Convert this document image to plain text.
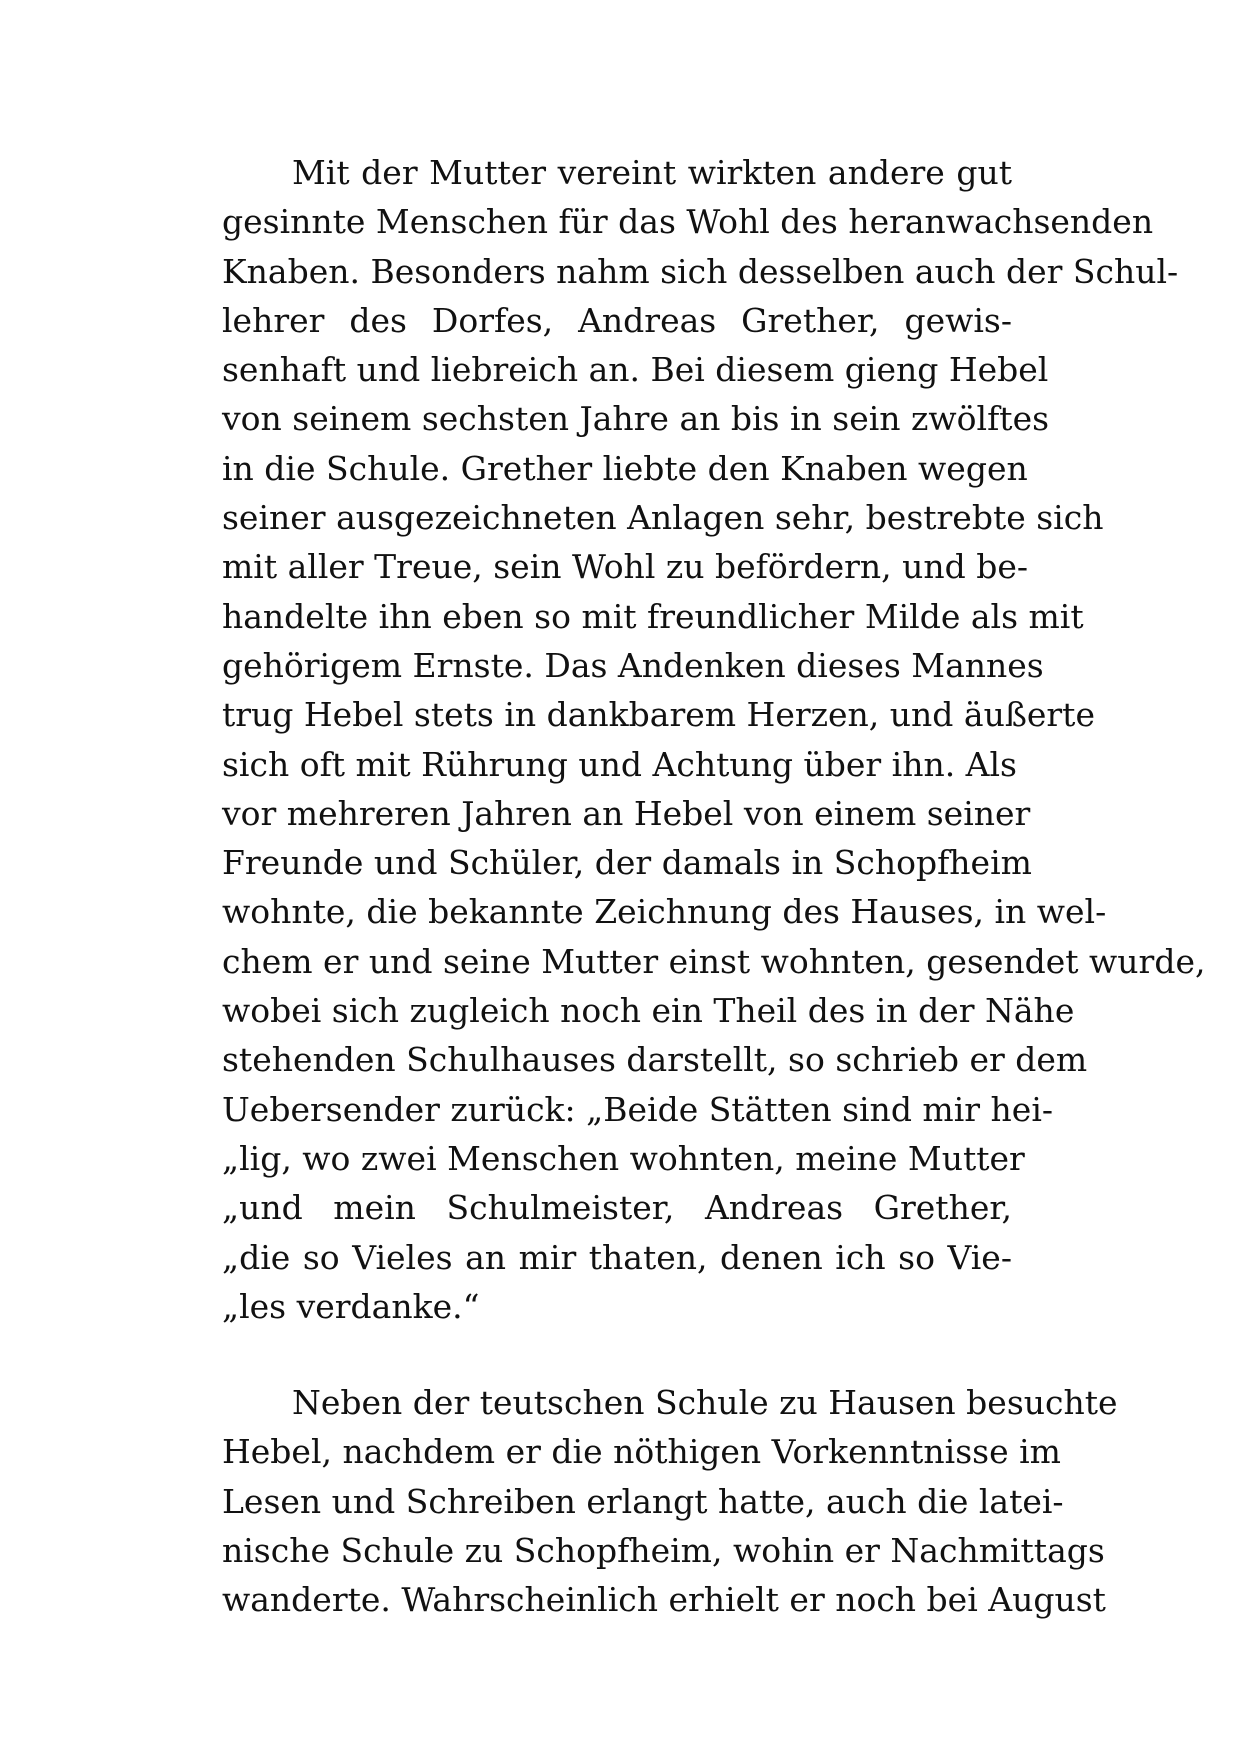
Mit der Mutter vereint wirkten andere gut
gesinnte Menschen für das Wohl des heranwachsenden
Knaben. Besonders nahm sich desselben auch der Schul-
lehrer des Dorfes, Andreas Grether, gewis-
senhaft und liebreich an. Bei diesem gieng Hebel
von seinem sechsten Jahre an bis in sein zwölftes
in die Schule. Grether liebte den Knaben wegen
seiner ausgezeichneten Anlagen sehr, bestrebte sich
mit aller Treue, sein Wohl zu befördern, und be-
handelte ihn eben so mit freundlicher Milde als mit
gehörigem Ernste. Das Andenken dieses Mannes
trug Hebel stets in dankbarem Herzen, und äußerte
sich oft mit Rührung und Achtung über ihn. Als
vor mehreren Jahren an Hebel von einem seiner
Freunde und Schüler, der damals in Schopfheim
wohnte, die bekannte Zeichnung des Hauses, in wel-
chem er und seine Mutter einst wohnten, gesendet wurde,
wobei sich zugleich noch ein Theil des in der Nähe
stehenden Schulhauses darstellt, so schrieb er dem
Uebersender zurück: „Beide Stätten sind mir hei-
„lig, wo zwei Menschen wohnten, meine Mutter
„und mein Schulmeister, Andreas Grether,
„die so Vieles an mir thaten, denen ich so Vie-
„les verdanke.“
Neben der teutschen Schule zu Hausen besuchte
Hebel, nachdem er die nöthigen Vorkenntnisse im
Lesen und Schreiben erlangt hatte, auch die latei-
nische Schule zu Schopfheim, wohin er Nachmittags
wanderte. Wahrscheinlich erhielt er noch bei August
